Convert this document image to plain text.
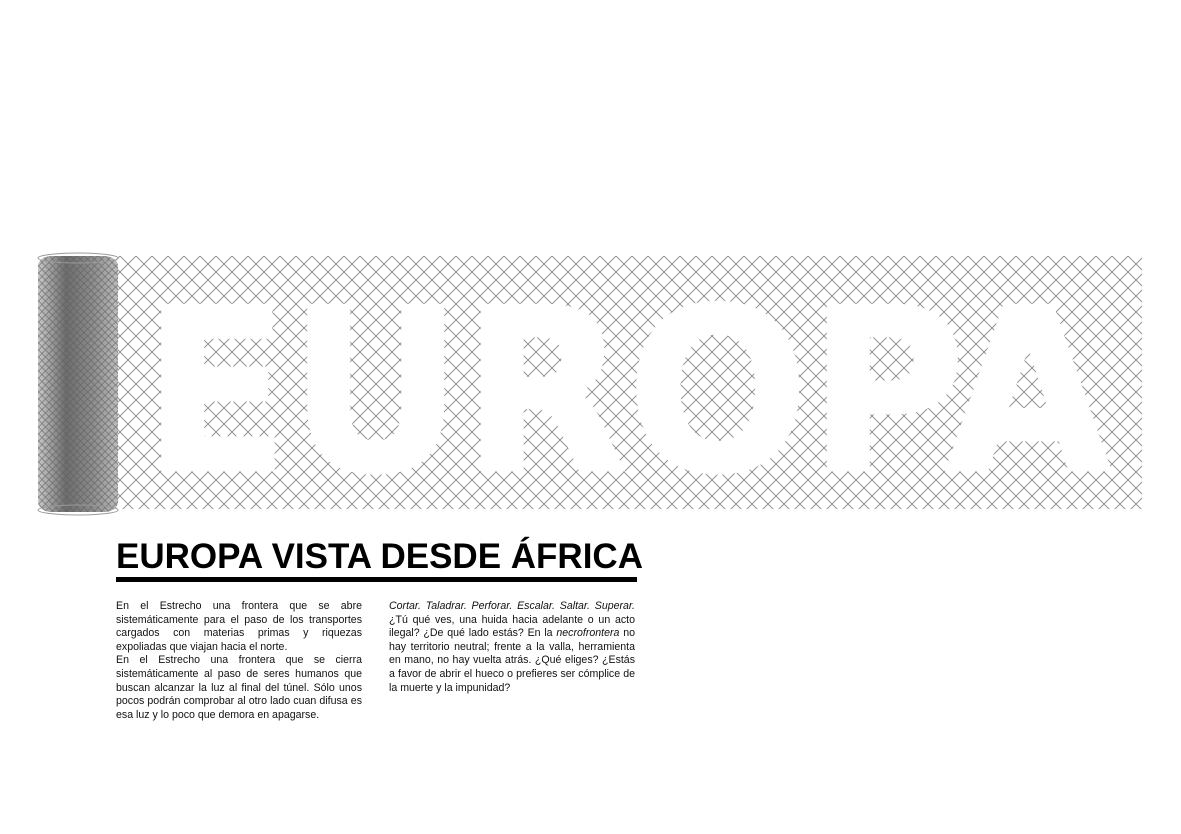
EUROPA
EUROPA VISTA DESDE ÁFRICA

En el Estrecho una frontera que se abre sistemáticamente para el paso de los transportes cargados con materias primas y riquezas expoliadas que viajan hacia el norte.

En el Estrecho una frontera que se cierra sistemáticamente al paso de seres humanos que buscan alcanzar la luz al final del túnel. Sólo unos pocos podrán comprobar al otro lado cuan difusa es esa luz y lo poco que demora en apagarse.

Cortar. Taladrar. Perforar. Escalar. Saltar. Superar. ¿Tú qué ves, una huida hacia adelante o un acto ilegal? ¿De qué lado estás? En la necrofrontera no hay territorio neutral; frente a la valla, herramienta en mano, no hay vuelta atrás. ¿Qué eliges? ¿Estás a favor de abrir el hueco o prefieres ser cómplice de la muerte y la impunidad?
